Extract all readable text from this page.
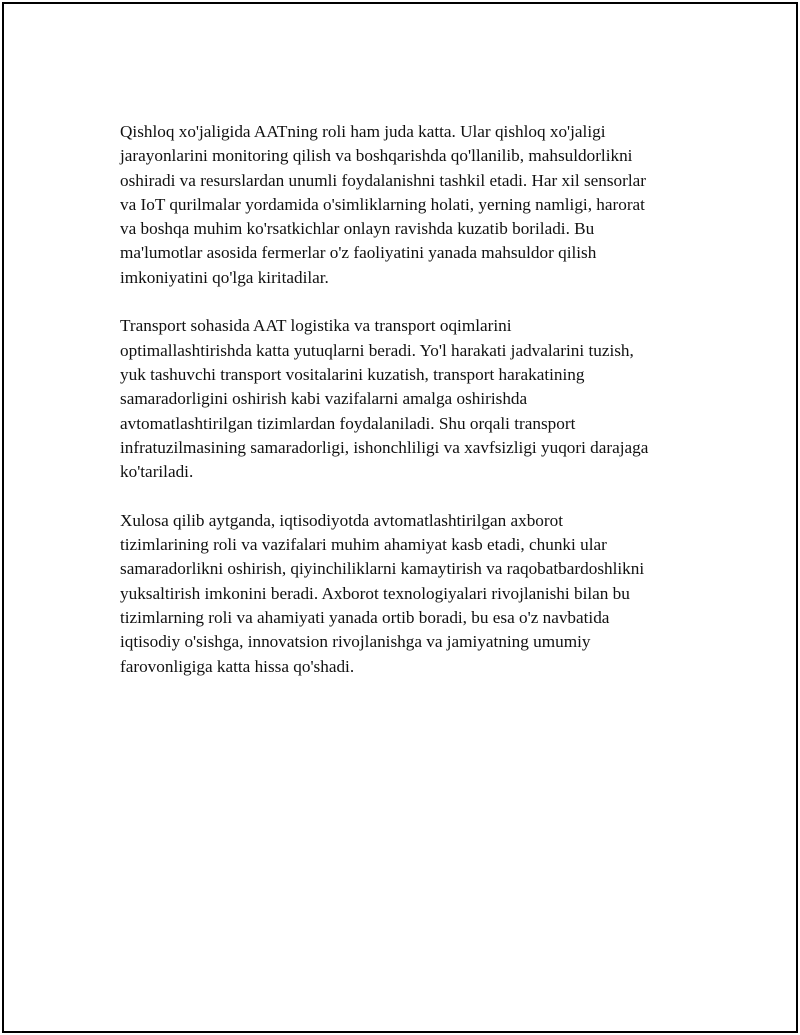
Qishloq xo'jaligida AATning roli ham juda katta. Ular qishloq xo'jaligi
jarayonlarini monitoring qilish va boshqarishda qo'llanilib, mahsuldorlikni
oshiradi va resurslardan unumli foydalanishni tashkil etadi. Har xil sensorlar
va IoT qurilmalar yordamida o'simliklarning holati, yerning namligi, harorat
va boshqa muhim ko'rsatkichlar onlayn ravishda kuzatib boriladi. Bu
ma'lumotlar asosida fermerlar o'z faoliyatini yanada mahsuldor qilish
imkoniyatini qo'lga kiritadilar.

Transport sohasida AAT logistika va transport oqimlarini
optimallashtirishda katta yutuqlarni beradi. Yo'l harakati jadvalarini tuzish,
yuk tashuvchi transport vositalarini kuzatish, transport harakatining
samaradorligini oshirish kabi vazifalarni amalga oshirishda
avtomatlashtirilgan tizimlardan foydalaniladi. Shu orqali transport
infratuzilmasining samaradorligi, ishonchliligi va xavfsizligi yuqori darajaga
ko'tariladi.

Xulosa qilib aytganda, iqtisodiyotda avtomatlashtirilgan axborot
tizimlarining roli va vazifalari muhim ahamiyat kasb etadi, chunki ular
samaradorlikni oshirish, qiyinchiliklarni kamaytirish va raqobatbardoshlikni
yuksaltirish imkonini beradi. Axborot texnologiyalari rivojlanishi bilan bu
tizimlarning roli va ahamiyati yanada ortib boradi, bu esa o'z navbatida
iqtisodiy o'sishga, innovatsion rivojlanishga va jamiyatning umumiy
farovonligiga katta hissa qo'shadi.
